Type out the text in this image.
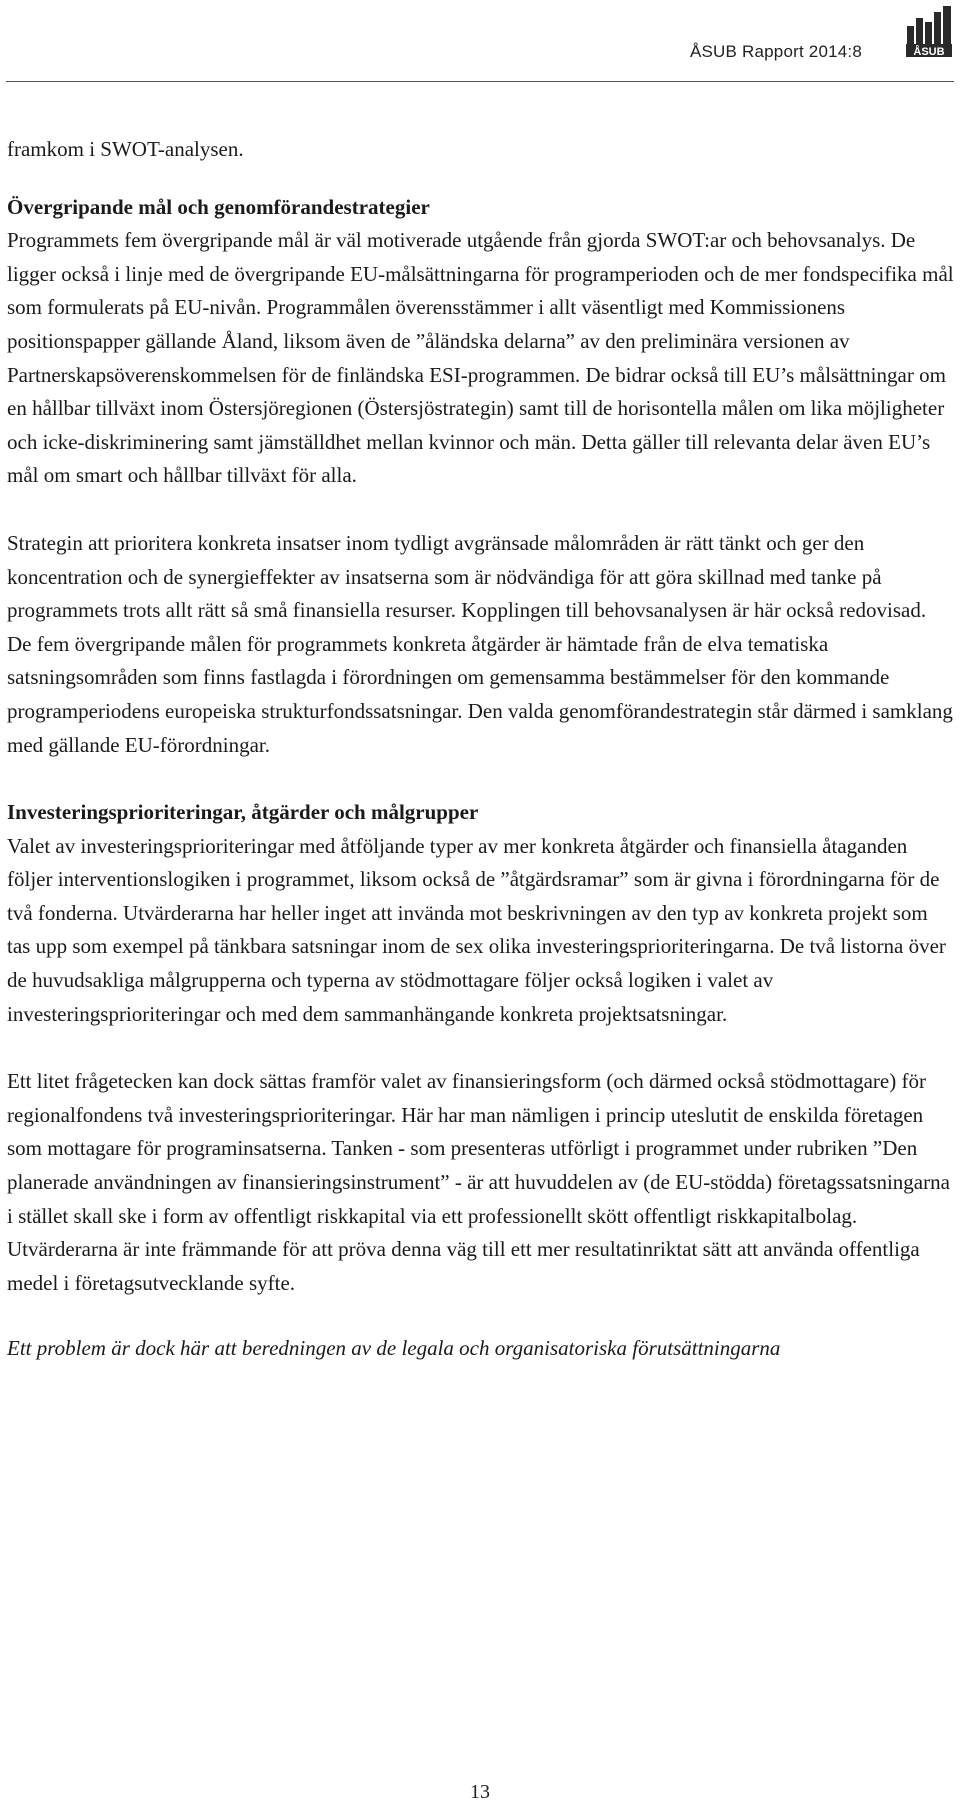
ÅSUB Rapport 2014:8	ÅSUB

framkom i SWOT-analysen.

Övergripande mål och genomförandestrategier

Programmets fem övergripande mål är väl motiverade utgående från gjorda SWOT:ar och behovsanalys. De ligger också i linje med de övergripande EU-målsättningarna för programperioden och de mer fondspecifika mål som formulerats på EU-nivån. Programmålen överensstämmer i allt väsentligt med Kommissionens positionspapper gällande Åland, liksom även de ”åländska delarna” av den preliminära versionen av Partnerskapsöverenskommelsen för de finländska ESI-programmen. De bidrar också till EU’s målsättningar om en hållbar tillväxt inom Östersjöregionen (Östersjöstrategin) samt till de horisontella målen om lika möjligheter och icke-diskriminering samt jämställdhet mellan kvinnor och män. Detta gäller till relevanta delar även EU’s mål om smart och hållbar tillväxt för alla.

Strategin att prioritera konkreta insatser inom tydligt avgränsade målområden är rätt tänkt och ger den koncentration och de synergieffekter av insatserna som är nödvändiga för att göra skillnad med tanke på programmets trots allt rätt så små finansiella resurser. Kopplingen till behovsanalysen är här också redovisad. De fem övergripande målen för programmets konkreta åtgärder är hämtade från de elva tematiska satsningsområden som finns fastlagda i förordningen om gemensamma bestämmelser för den kommande programperiodens europeiska strukturfondssatsningar. Den valda genomförandestrategin står därmed i samklang med gällande EU-förordningar.

Investeringsprioriteringar, åtgärder och målgrupper

Valet av investeringsprioriteringar med åtföljande typer av mer konkreta åtgärder och finansiella åtaganden följer interventionslogiken i programmet, liksom också de ”åtgärdsramar” som är givna i förordningarna för de två fonderna. Utvärderarna har heller inget att invända mot beskrivningen av den typ av konkreta projekt som tas upp som exempel på tänkbara satsningar inom de sex olika investeringsprioriteringarna. De två listorna över de huvudsakliga målgrupperna och typerna av stödmottagare följer också logiken i valet av investeringsprioriteringar och med dem sammanhängande konkreta projektsatsningar.

Ett litet frågetecken kan dock sättas framför valet av finansieringsform (och därmed också stödmottagare) för regionalfondens två investeringsprioriteringar. Här har man nämligen i princip uteslutit de enskilda företagen som mottagare för programinsatserna. Tanken - som presenteras utförligt i programmet under rubriken ”Den planerade användningen av finansieringsinstrument” - är att huvuddelen av (de EU-stödda) företagssatsningarna i stället skall ske i form av offentligt riskkapital via ett professionellt skött offentligt riskkapitalbolag. Utvärderarna är inte främmande för att pröva denna väg till ett mer resultatinriktat sätt att använda offentliga medel i företagsutvecklande syfte.

Ett problem är dock här att beredningen av de legala och organisatoriska förutsättningarna

13
